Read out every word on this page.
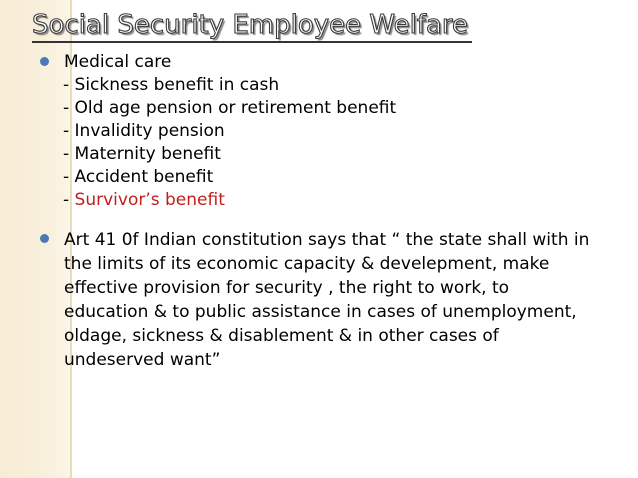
Social Security Employee Welfare
Medical care
- Sickness benefit in cash
- Old age pension or retirement benefit
- Invalidity pension
- Maternity benefit
- Accident benefit
- Survivor’s benefit
Art 41 0f Indian constitution says that “ the state shall with in
the limits of its economic capacity & develepment, make
effective provision for security , the right to work, to
education & to public assistance in cases of unemployment,
oldage, sickness & disablement & in other cases of
undeserved want”
